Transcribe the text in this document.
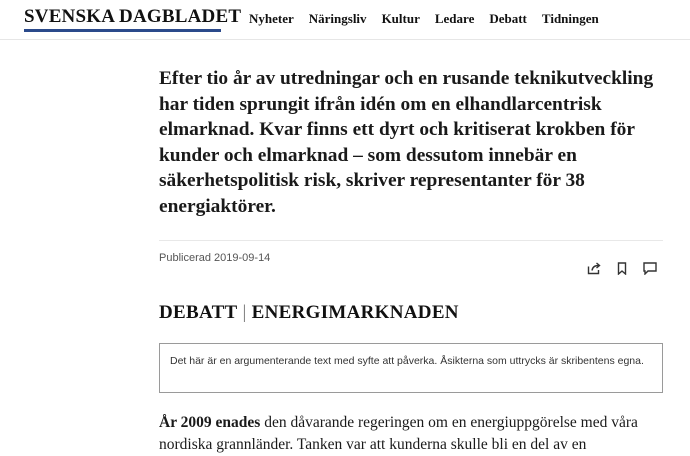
SVENSKA DAGBLADET Nyheter Näringsliv Kultur Ledare Debatt Tidningen

Efter tio år av utredningar och en rusande teknikutveckling har tiden sprungit ifrån idén om en elhandlarcentrisk elmarknad. Kvar finns ett dyrt och kritiserat krokben för kunder och elmarknad – som dessutom innebär en säkerhetspolitisk risk, skriver representanter för 38 energiaktörer.

Publicerad 2019-09-14
DEBATT | ENERGIMARKNADEN
Det här är en argumenterande text med syfte att påverka. Åsikterna som uttrycks är skribentens egna.

År 2009 enades den dåvarande regeringen om en energiuppgörelse med våra nordiska grannländer. Tanken var att kunderna skulle bli en del av en
